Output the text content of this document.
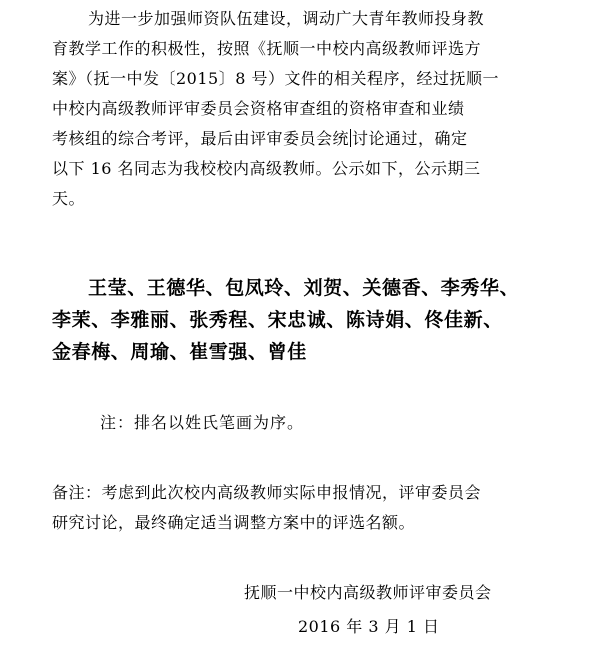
为进一步加强师资队伍建设，调动广大青年教师投身教
育教学工作的积极性，按照《抚顺一中校内高级教师评选方
案》（抚一中发〔2015〕8 号）文件的相关程序，经过抚顺一
中校内高级教师评审委员会资格审查组的资格审查和业绩
考核组的综合考评，最后由评审委员会统 讨论通过，确定
以下 16 名同志为我校校内高级教师。公示如下，公示期三
天。
王莹、王德华、包凤玲、刘贺、关德香、李秀华、
李茉、李雅丽、张秀程、宋忠诚、陈诗娟、佟佳新、
金春梅、周瑜、崔雪强、曾佳
注：排名以姓氏笔画为序。
备注：考虑到此次校内高级教师实际申报情况，评审委员会
研究讨论，最终确定适当调整方案中的评选名额。
抚顺一中校内高级教师评审委员会
2016 年 3 月 1 日
